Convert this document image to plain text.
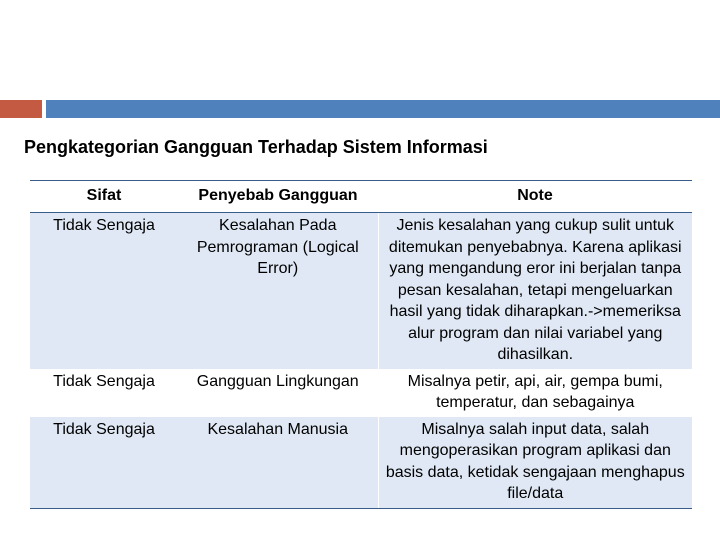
Pengkategorian Gangguan Terhadap Sistem Informasi
Sifat	Penyebab Gangguan	Note
Tidak Sengaja	Kesalahan Pada Pemrograman (Logical Error)	Jenis kesalahan yang cukup sulit untuk ditemukan penyebabnya. Karena aplikasi yang mengandung eror ini berjalan tanpa pesan kesalahan, tetapi mengeluarkan hasil yang tidak diharapkan.->memeriksa alur program dan nilai variabel yang dihasilkan.
Tidak Sengaja	Gangguan Lingkungan	Misalnya petir, api, air, gempa bumi, temperatur, dan sebagainya
Tidak Sengaja	Kesalahan Manusia	Misalnya salah input data, salah mengoperasikan program aplikasi dan basis data, ketidak sengajaan menghapus file/data
